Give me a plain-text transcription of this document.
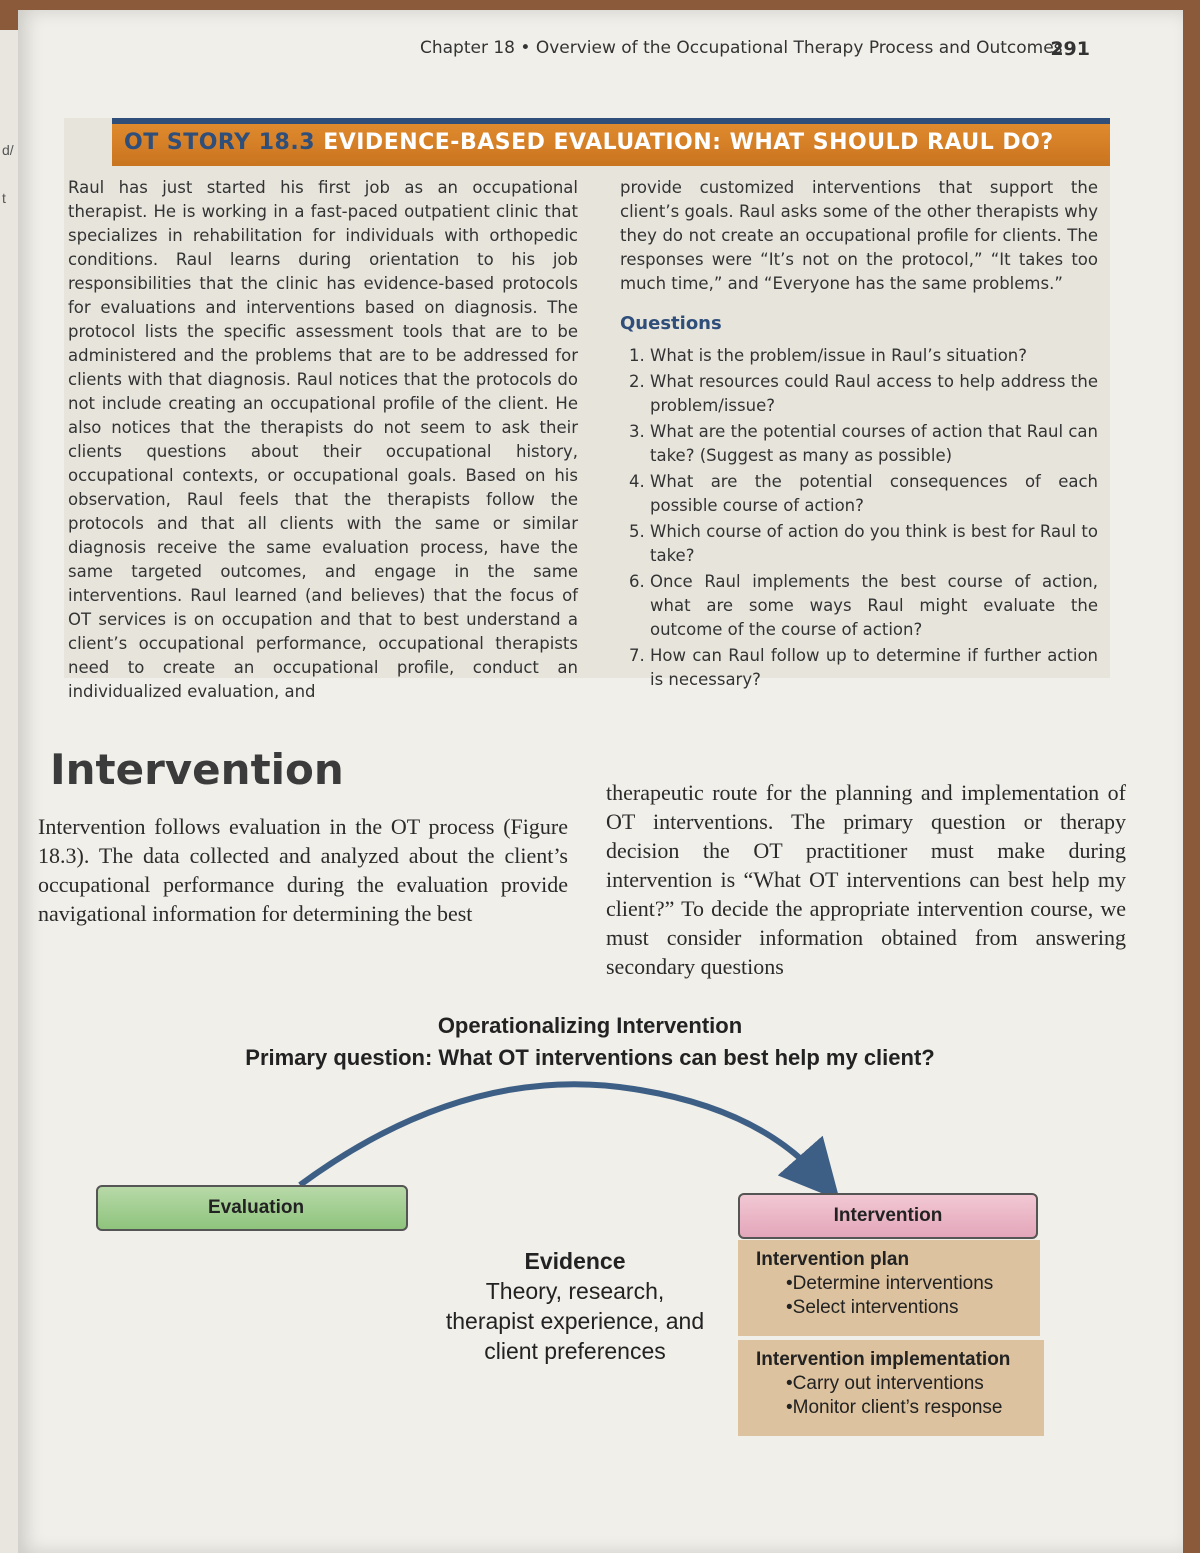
d/
t
Chapter 18 • Overview of the Occupational Therapy Process and Outcomes
291
OT STORY 18.3 EVIDENCE-BASED EVALUATION: WHAT SHOULD RAUL DO?
Raul has just started his first job as an occupational therapist. He is working in a fast-paced outpatient clinic that specializes in rehabilitation for individuals with orthopedic conditions. Raul learns during orientation to his job responsibilities that the clinic has evidence-based protocols for evaluations and interventions based on diagnosis. The protocol lists the specific assessment tools that are to be administered and the problems that are to be addressed for clients with that diagnosis. Raul notices that the protocols do not include creating an occupational profile of the client. He also notices that the therapists do not seem to ask their clients questions about their occupational history, occupational contexts, or occupational goals. Based on his observation, Raul feels that the therapists follow the protocols and that all clients with the same or similar diagnosis receive the same evaluation process, have the same targeted outcomes, and engage in the same interventions. Raul learned (and believes) that the focus of OT services is on occupation and that to best understand a client’s occupational performance, occupational therapists need to create an occupational profile, conduct an individualized evaluation, and
provide customized interventions that support the client’s goals. Raul asks some of the other therapists why they do not create an occupational profile for clients. The responses were “It’s not on the protocol,” “It takes too much time,” and “Everyone has the same problems.”
Questions
1. What is the problem/issue in Raul’s situation?
2. What resources could Raul access to help address the problem/issue?
3. What are the potential courses of action that Raul can take? (Suggest as many as possible)
4. What are the potential consequences of each possible course of action?
5. Which course of action do you think is best for Raul to take?
6. Once Raul implements the best course of action, what are some ways Raul might evaluate the outcome of the course of action?
7. How can Raul follow up to determine if further action is necessary?
Intervention
Intervention follows evaluation in the OT process (Figure 18.3). The data collected and analyzed about the client’s occupational performance during the evaluation provide navigational information for determining the best
therapeutic route for the planning and implementation of OT interventions. The primary question or therapy decision the OT practitioner must make during intervention is “What OT interventions can best help my client?” To decide the appropriate intervention course, we must consider information obtained from answering secondary questions
Operationalizing Intervention
Primary question: What OT interventions can best help my client?
Evaluation	Intervention
Evidence
Theory, research, therapist experience, and client preferences
Intervention plan
• Determine interventions
• Select interventions
Intervention implementation
• Carry out interventions
• Monitor client’s response
